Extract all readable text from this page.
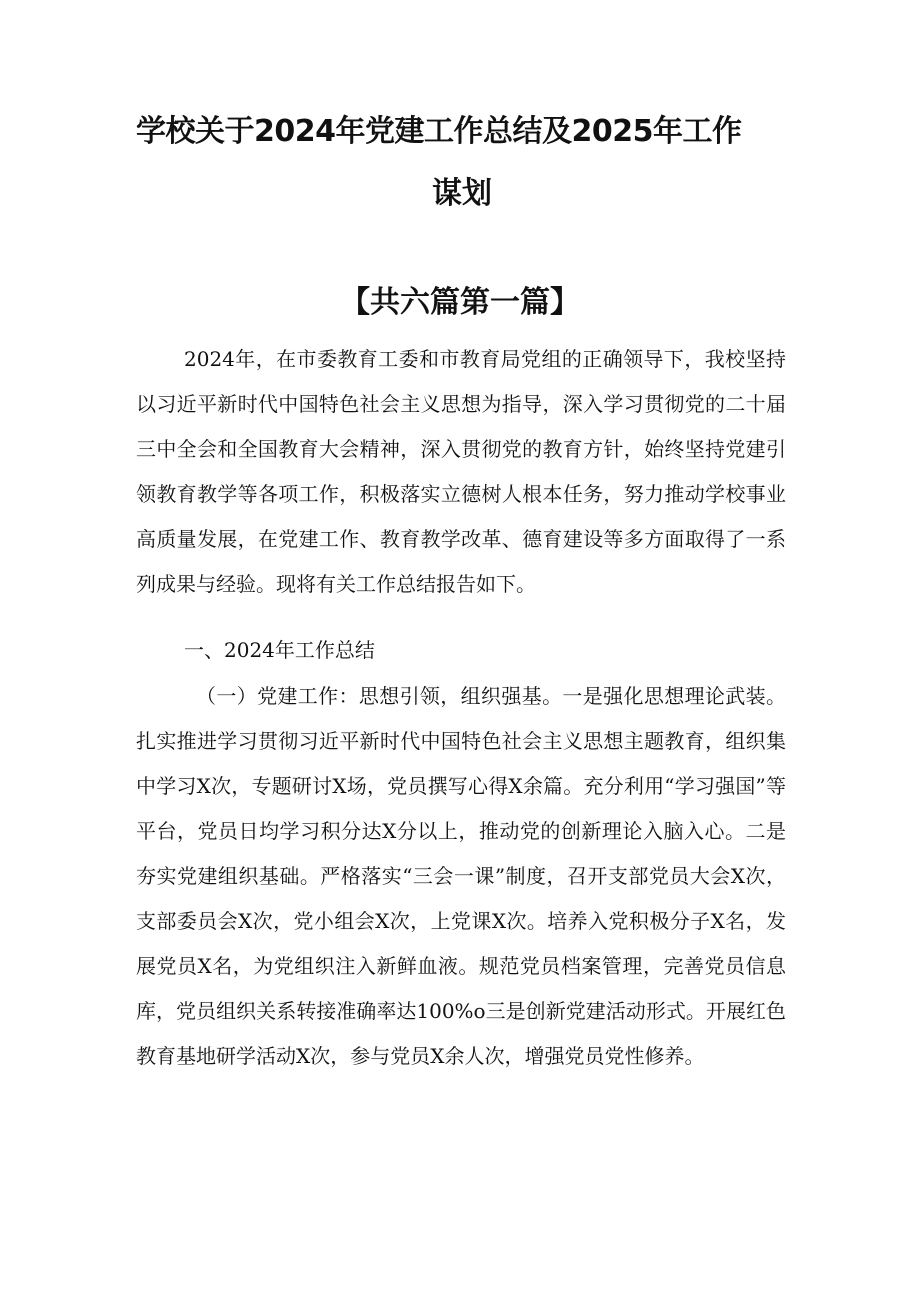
学校关于2024年党建工作总结及2025年工作
谋划
【共六篇第一篇】
2024年，在市委教育工委和市教育局党组的正确领导下，我校坚持以习近平新时代中国特色社会主义思想为指导，深入学习贯彻党的二十届三中全会和全国教育大会精神，深入贯彻党的教育方针，始终坚持党建引领教育教学等各项工作，积极落实立德树人根本任务，努力推动学校事业高质量发展，在党建工作、教育教学改革、德育建设等多方面取得了一系列成果与经验。现将有关工作总结报告如下。
一、2024年工作总结
（一）党建工作：思想引领，组织强基。一是强化思想理论武装。扎实推进学习贯彻习近平新时代中国特色社会主义思想主题教育，组织集中学习X次，专题研讨X场，党员撰写心得X余篇。充分利用“学习强国”等平台，党员日均学习积分达X分以上，推动党的创新理论入脑入心。二是夯实党建组织基础。严格落实“三会一课”制度，召开支部党员大会X次，支部委员会X次，党小组会X次，上党课X次。培养入党积极分子X名，发展党员X名，为党组织注入新鲜血液。规范党员档案管理，完善党员信息库，党员组织关系转接准确率达100%o三是创新党建活动形式。开展红色教育基地研学活动X次，参与党员X余人次，增强党员党性修养。
